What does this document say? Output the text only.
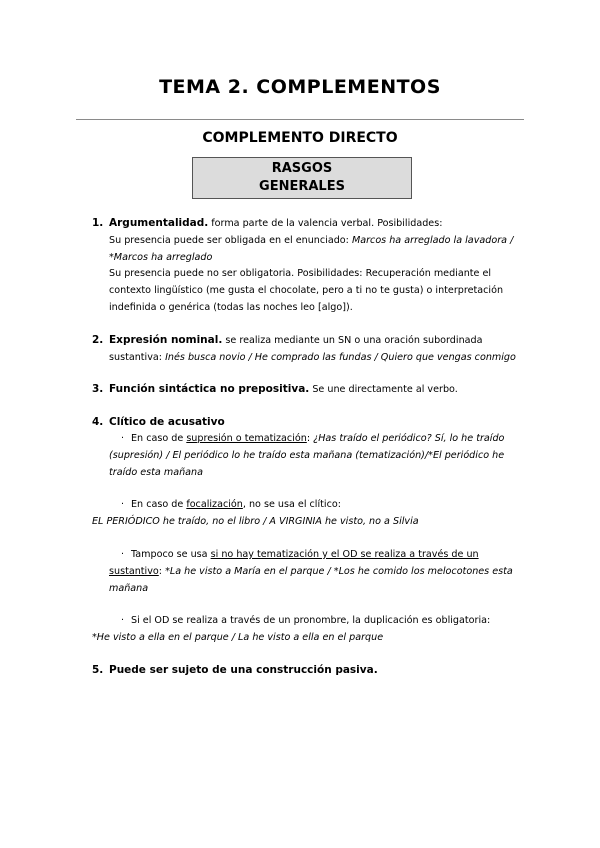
TEMA 2. COMPLEMENTOS
COMPLEMENTO DIRECTO
RASGOS
GENERALES
1. Argumentalidad. forma parte de la valencia verbal. Posibilidades:
Su presencia puede ser obligada en el enunciado: Marcos ha arreglado la lavadora / *Marcos ha arreglado
Su presencia puede no ser obligatoria. Posibilidades: Recuperación mediante el contexto lingüístico (me gusta el chocolate, pero a ti no te gusta) o interpretación indefinida o genérica (todas las noches leo [algo]).
2. Expresión nominal. se realiza mediante un SN o una oración subordinada sustantiva: Inés busca novio / He comprado las fundas / Quiero que vengas conmigo
3. Función sintáctica no prepositiva. Se une directamente al verbo.
4. Clítico de acusativo
· En caso de supresión o tematización: ¿Has traído el periódico? Sí, lo he traído (supresión) / El periódico lo he traído esta mañana (tematización)/*El periódico he traído esta mañana
· En caso de focalización, no se usa el clítico:
EL PERIÓDICO he traído, no el libro / A VIRGINIA he visto, no a Silvia
· Tampoco se usa si no hay tematización y el OD se realiza a través de un sustantivo: *La he visto a María en el parque / *Los he comido los melocotones esta mañana
· Si el OD se realiza a través de un pronombre, la duplicación es obligatoria:
*He visto a ella en el parque / La he visto a ella en el parque
5. Puede ser sujeto de una construcción pasiva.
